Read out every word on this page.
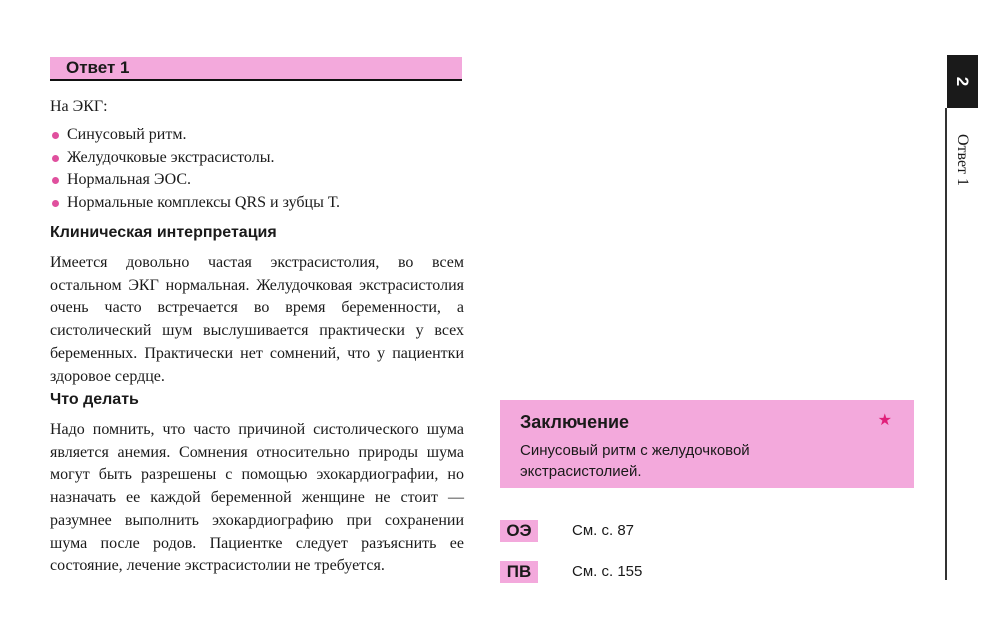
Ответ 1
На ЭКГ:
Синусовый ритм.
Желудочковые экстрасистолы.
Нормальная ЭОС.
Нормальные комплексы QRS и зубцы Т.
Клиническая интерпретация

Имеется довольно частая экстрасистолия, во всем остальном ЭКГ нормальная. Желудочковая экстрасистолия очень часто встречается во время беременности, а систолический шум выслушивается практически у всех беременных. Практически нет сомнений, что у пациентки здоровое сердце.

Что делать

Надо помнить, что часто причиной систолического шума является анемия. Сомнения относительно природы шума могут быть разрешены с помощью эхокардиографии, но назначать ее каждой беременной женщине не стоит — разумнее выполнить эхокардиографию при сохранении шума после родов. Пациентке следует разъяснить ее состояние, лечение экстрасистолии не требуется.

Заключение	★
Синусовый ритм с желудочковой экстрасистолией.
ОЭ	См. с. 87
ПВ	См. с. 155
2
Ответ 1
